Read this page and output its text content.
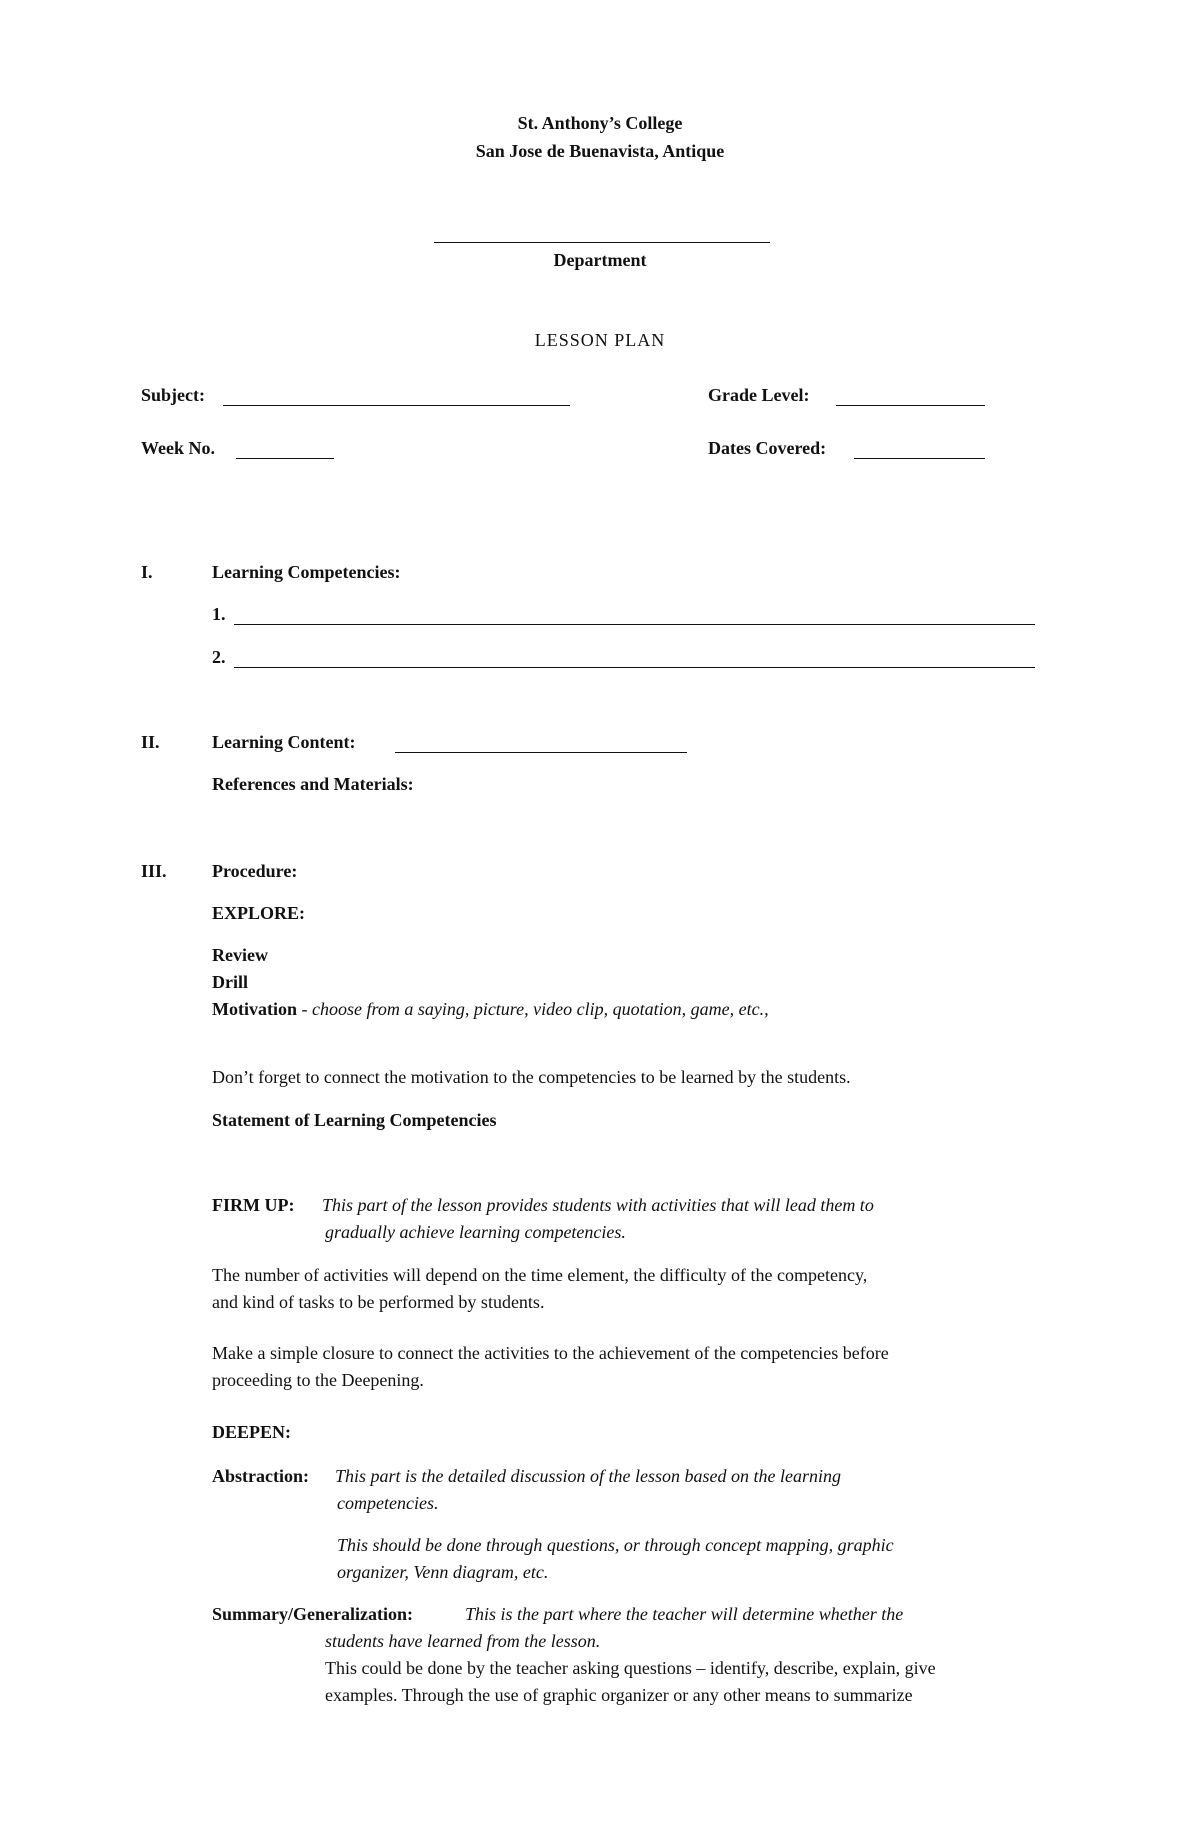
St. Anthony’s College
San Jose de Buenavista, Antique
Department
LESSON PLAN
Subject:	Grade Level:
Week No.	Dates Covered:
I.	Learning Competencies:
1.
2.
II.	Learning Content:
References and Materials:
III.	Procedure:
EXPLORE:
Review
Drill
Motivation - choose from a saying, picture, video clip, quotation, game, etc.,
Don’t forget to connect the motivation to the competencies to be learned by the students.
Statement of Learning Competencies
FIRM UP: This part of the lesson provides students with activities that will lead them to
gradually achieve learning competencies.
The number of activities will depend on the time element, the difficulty of the competency,
and kind of tasks to be performed by students.
Make a simple closure to connect the activities to the achievement of the competencies before
proceeding to the Deepening.
DEEPEN:
Abstraction: This part is the detailed discussion of the lesson based on the learning
competencies.
This should be done through questions, or through concept mapping, graphic
organizer, Venn diagram, etc.
Summary/Generalization:	This is the part where the teacher will determine whether the
students have learned from the lesson.
This could be done by the teacher asking questions – identify, describe, explain, give
examples. Through the use of graphic organizer or any other means to summarize
